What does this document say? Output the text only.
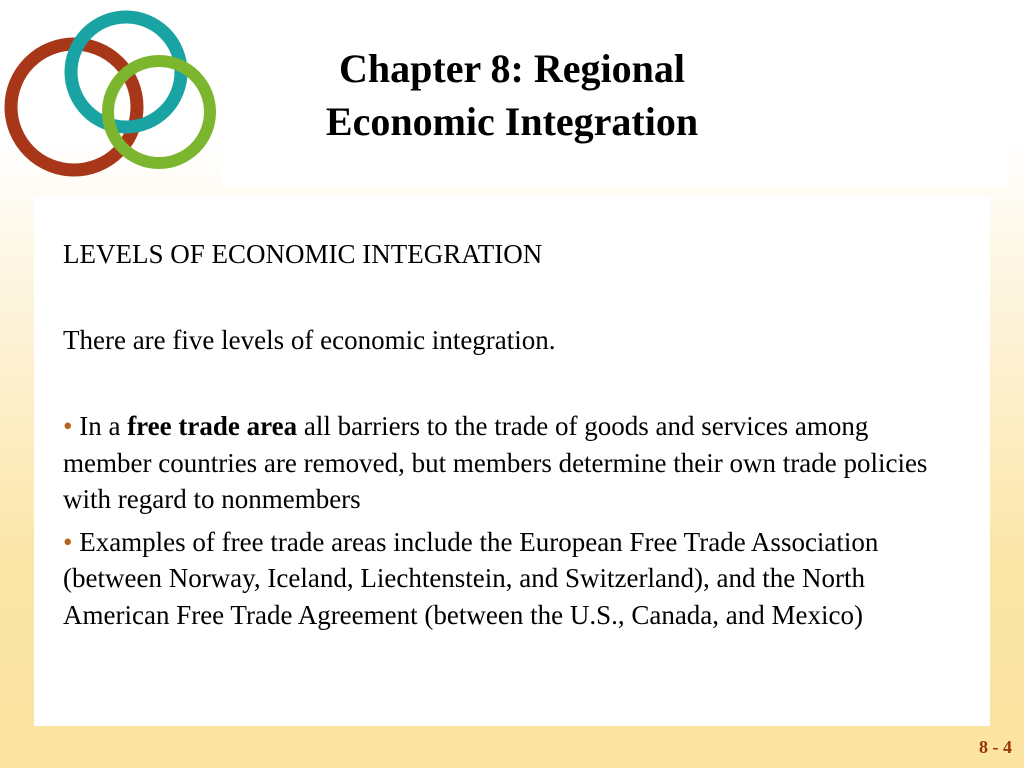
Chapter 8: Regional
Economic Integration

LEVELS OF ECONOMIC INTEGRATION

There are five levels of economic integration.

• In a free trade area all barriers to the trade of goods and services among member countries are removed, but members determine their own trade policies with regard to nonmembers
• Examples of free trade areas include the European Free Trade Association (between Norway, Iceland, Liechtenstein, and Switzerland), and the North American Free Trade Agreement (between the U.S., Canada, and Mexico)
8 - 4
